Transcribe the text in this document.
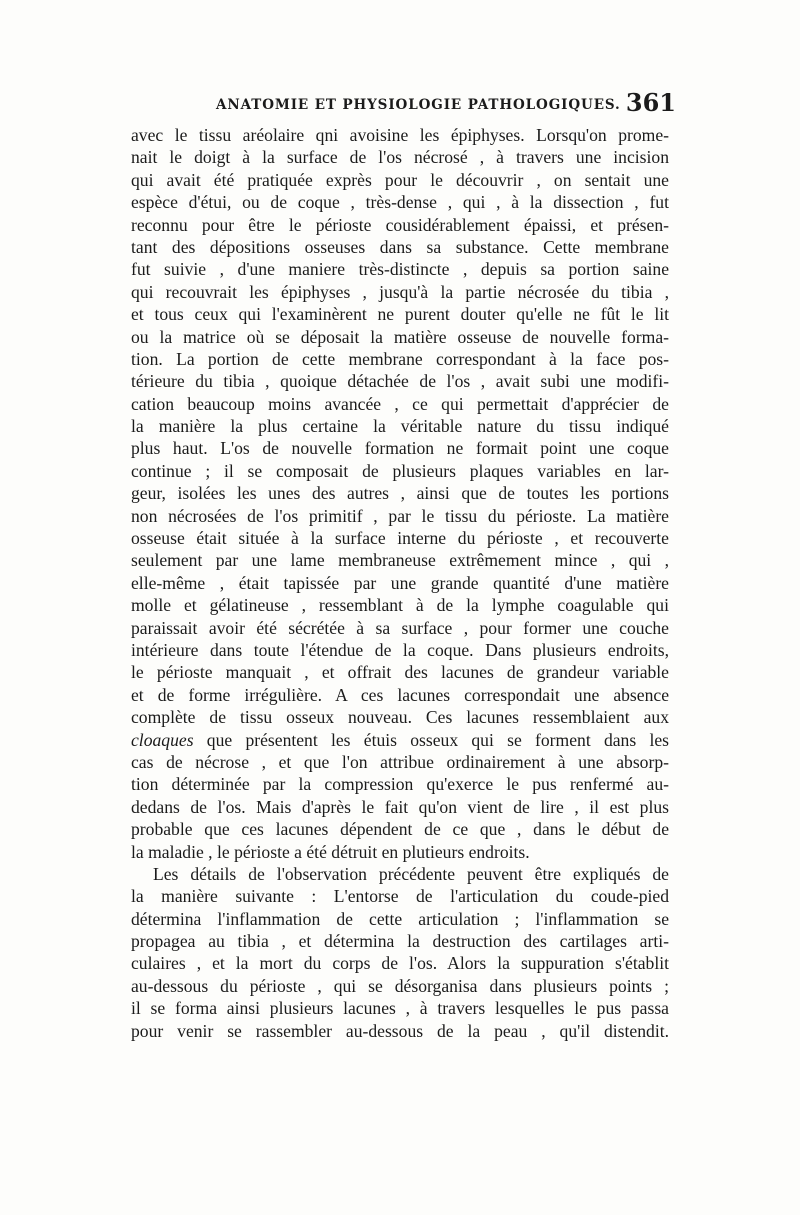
ANATOMIE ET PHYSIOLOGIE PATHOLOGIQUES. 361
avec le tissu aréolaire qni avoisine les épiphyses. Lorsqu'on prome-
nait le doigt à la surface de l'os nécrosé , à travers une incision
qui avait été pratiquée exprès pour le découvrir , on sentait une
espèce d'étui, ou de coque , très-dense , qui , à la dissection , fut
reconnu pour être le périoste cousidérablement épaissi, et présen-
tant des dépositions osseuses dans sa substance. Cette membrane
fut suivie , d'une maniere très-distincte , depuis sa portion saine
qui recouvrait les épiphyses , jusqu'à la partie nécrosée du tibia ,
et tous ceux qui l'examinèrent ne purent douter qu'elle ne fût le lit
ou la matrice où se déposait la matière osseuse de nouvelle forma-
tion. La portion de cette membrane correspondant à la face pos-
térieure du tibia , quoique détachée de l'os , avait subi une modifi-
cation beaucoup moins avancée , ce qui permettait d'apprécier de
la manière la plus certaine la véritable nature du tissu indiqué
plus haut. L'os de nouvelle formation ne formait point une coque
continue ; il se composait de plusieurs plaques variables en lar-
geur, isolées les unes des autres , ainsi que de toutes les portions
non nécrosées de l'os primitif , par le tissu du périoste. La matière
osseuse était située à la surface interne du périoste , et recouverte
seulement par une lame membraneuse extrêmement mince , qui ,
elle-même , était tapissée par une grande quantité d'une matière
molle et gélatineuse , ressemblant à de la lymphe coagulable qui
paraissait avoir été sécrétée à sa surface , pour former une couche
intérieure dans toute l'étendue de la coque. Dans plusieurs endroits,
le périoste manquait , et offrait des lacunes de grandeur variable
et de forme irrégulière. A ces lacunes correspondait une absence
complète de tissu osseux nouveau. Ces lacunes ressemblaient aux
cloaques que présentent les étuis osseux qui se forment dans les
cas de nécrose , et que l'on attribue ordinairement à une absorp-
tion déterminée par la compression qu'exerce le pus renfermé au-
dedans de l'os. Mais d'après le fait qu'on vient de lire , il est plus
probable que ces lacunes dépendent de ce que , dans le début de
la maladie , le périoste a été détruit en plutieurs endroits.
Les détails de l'observation précédente peuvent être expliqués de
la manière suivante : L'entorse de l'articulation du coude-pied
détermina l'inflammation de cette articulation ; l'inflammation se
propagea au tibia , et détermina la destruction des cartilages arti-
culaires , et la mort du corps de l'os. Alors la suppuration s'établit
au-dessous du périoste , qui se désorganisa dans plusieurs points ;
il se forma ainsi plusieurs lacunes , à travers lesquelles le pus passa
pour venir se rassembler au-dessous de la peau , qu'il distendit.
